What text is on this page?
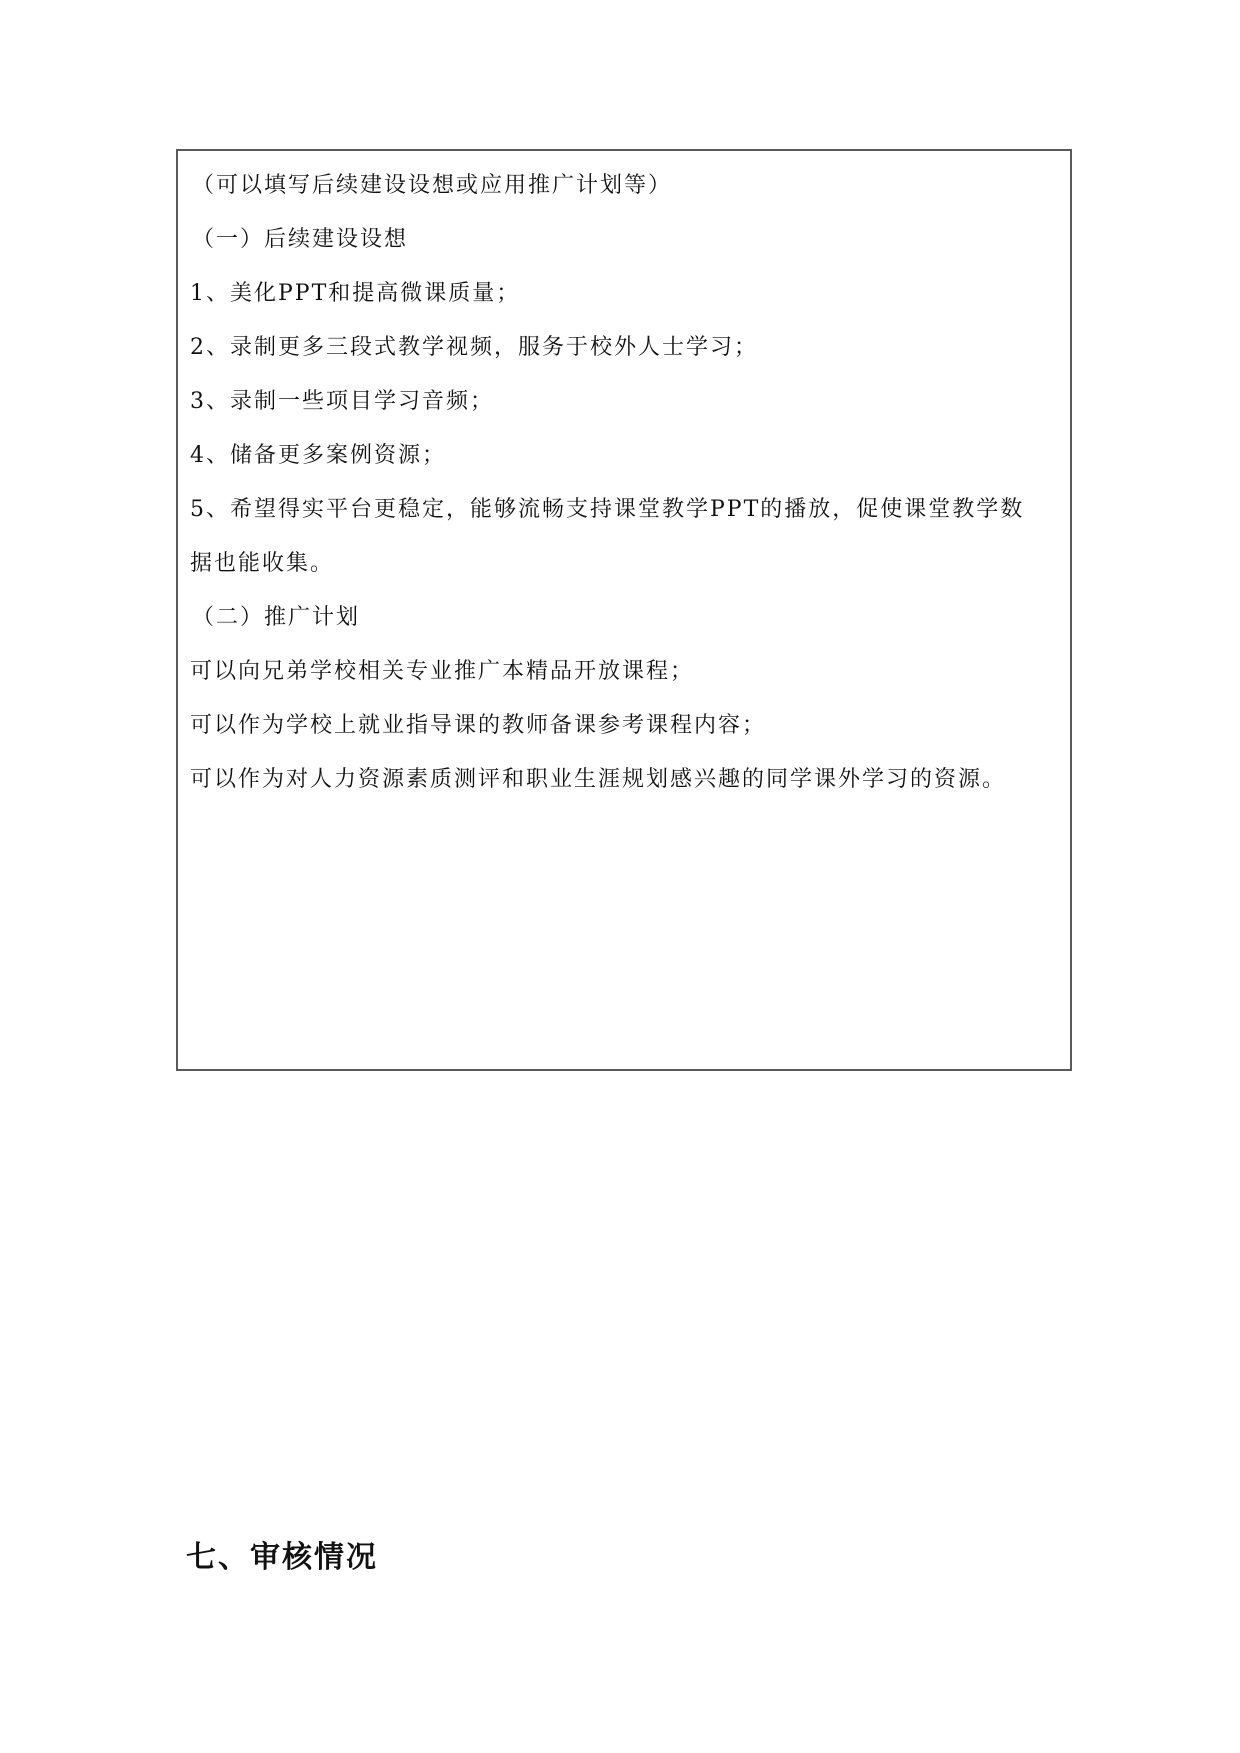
（可以填写后续建设设想或应用推广计划等）
（一）后续建设设想
1、美化PPT和提高微课质量；
2、录制更多三段式教学视频，服务于校外人士学习；
3、录制一些项目学习音频；
4、储备更多案例资源；
5、希望得实平台更稳定，能够流畅支持课堂教学PPT的播放，促使课堂教学数
据也能收集。
（二）推广计划
可以向兄弟学校相关专业推广本精品开放课程；
可以作为学校上就业指导课的教师备课参考课程内容；
可以作为对人力资源素质测评和职业生涯规划感兴趣的同学课外学习的资源。
七、审核情况
